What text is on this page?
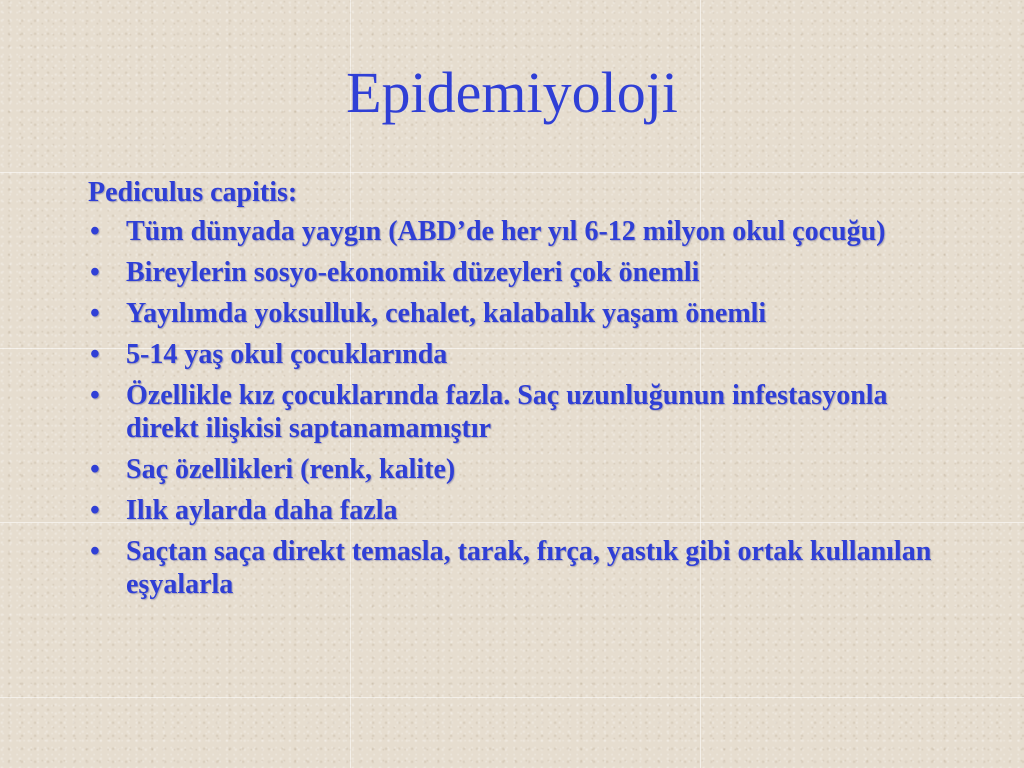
Epidemiyoloji

Pediculus capitis:

• Tüm dünyada yaygın (ABD’de her yıl 6-12 milyon okul çocuğu)
• Bireylerin sosyo-ekonomik düzeyleri çok önemli
• Yayılımda yoksulluk, cehalet, kalabalık yaşam önemli
• 5-14 yaş okul çocuklarında
• Özellikle kız çocuklarında fazla. Saç uzunluğunun infestasyonla direkt ilişkisi saptanamamıştır
• Saç özellikleri (renk, kalite)
• Ilık aylarda daha fazla
• Saçtan saça direkt temasla, tarak, fırça, yastık gibi ortak kullanılan eşyalarla
